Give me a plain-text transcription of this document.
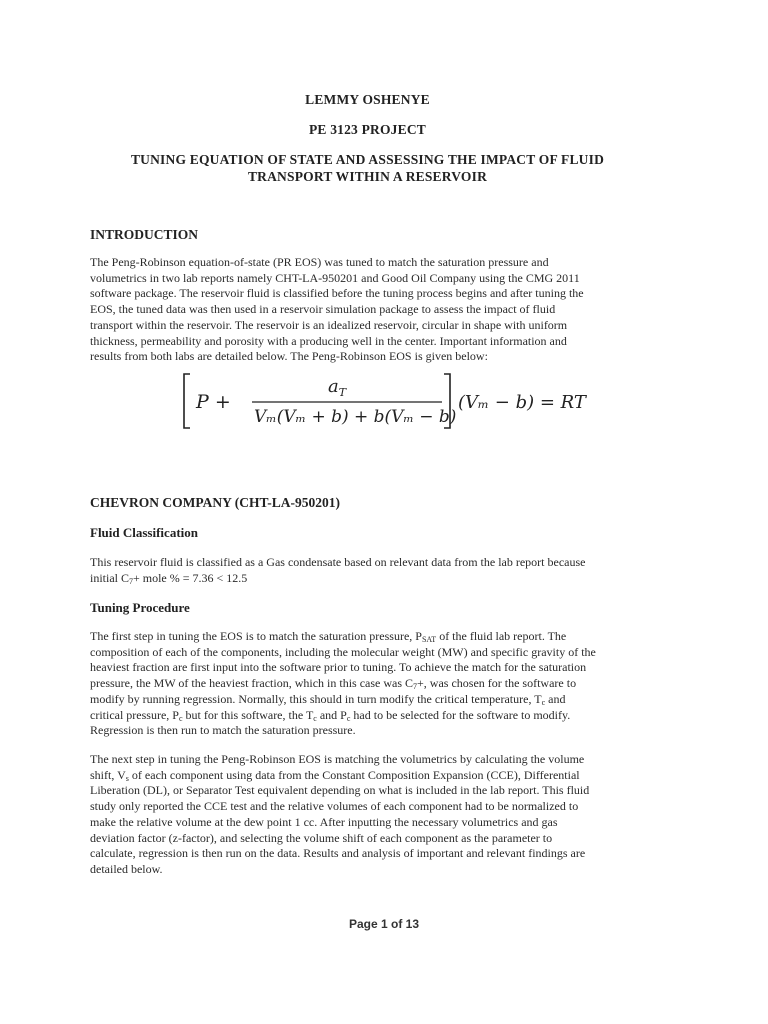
LEMMY OSHENYE
PE 3123 PROJECT
TUNING EQUATION OF STATE AND ASSESSING THE IMPACT OF FLUID
TRANSPORT WITHIN A RESERVOIR
INTRODUCTION
The Peng-Robinson equation-of-state (PR EOS) was tuned to match the saturation pressure and
volumetrics in two lab reports namely CHT-LA-950201 and Good Oil Company using the CMG 2011
software package. The reservoir fluid is classified before the tuning process begins and after tuning the
EOS, the tuned data was then used in a reservoir simulation package to assess the impact of fluid
transport within the reservoir. The reservoir is an idealized reservoir, circular in shape with uniform
thickness, permeability and porosity with a producing well in the center. Important information and
results from both labs are detailed below. The Peng-Robinson EOS is given below:
P +
$a_T$
Vₘ(Vₘ + b) + b(Vₘ − b)
(Vₘ − b) = RT
CHEVRON COMPANY (CHT-LA-950201)
Fluid Classification
This reservoir fluid is classified as a Gas condensate based on relevant data from the lab report because
initial $C_7+$ mole % = 7.36 < 12.5
Tuning Procedure
The first step in tuning the EOS is to match the saturation pressure, $P_{SAT}$ of the fluid lab report. The
composition of each of the components, including the molecular weight (MW) and specific gravity of the
heaviest fraction are first input into the software prior to tuning. To achieve the match for the saturation
pressure, the MW of the heaviest fraction, which in this case was $C_7+$, was chosen for the software to
modify by running regression. Normally, this should in turn modify the critical temperature, $T_c$ and
critical pressure, $P_c$ but for this software, the $T_c$ and $P_c$ had to be selected for the software to modify.
Regression is then run to match the saturation pressure.
The next step in tuning the Peng-Robinson EOS is matching the volumetrics by calculating the volume
shift, $V_s$ of each component using data from the Constant Composition Expansion (CCE), Differential
Liberation (DL), or Separator Test equivalent depending on what is included in the lab report. This fluid
study only reported the CCE test and the relative volumes of each component had to be normalized to
make the relative volume at the dew point 1 cc. After inputting the necessary volumetrics and gas
deviation factor (z-factor), and selecting the volume shift of each component as the parameter to
calculate, regression is then run on the data. Results and analysis of important and relevant findings are
detailed below.
Page 1 of 13
